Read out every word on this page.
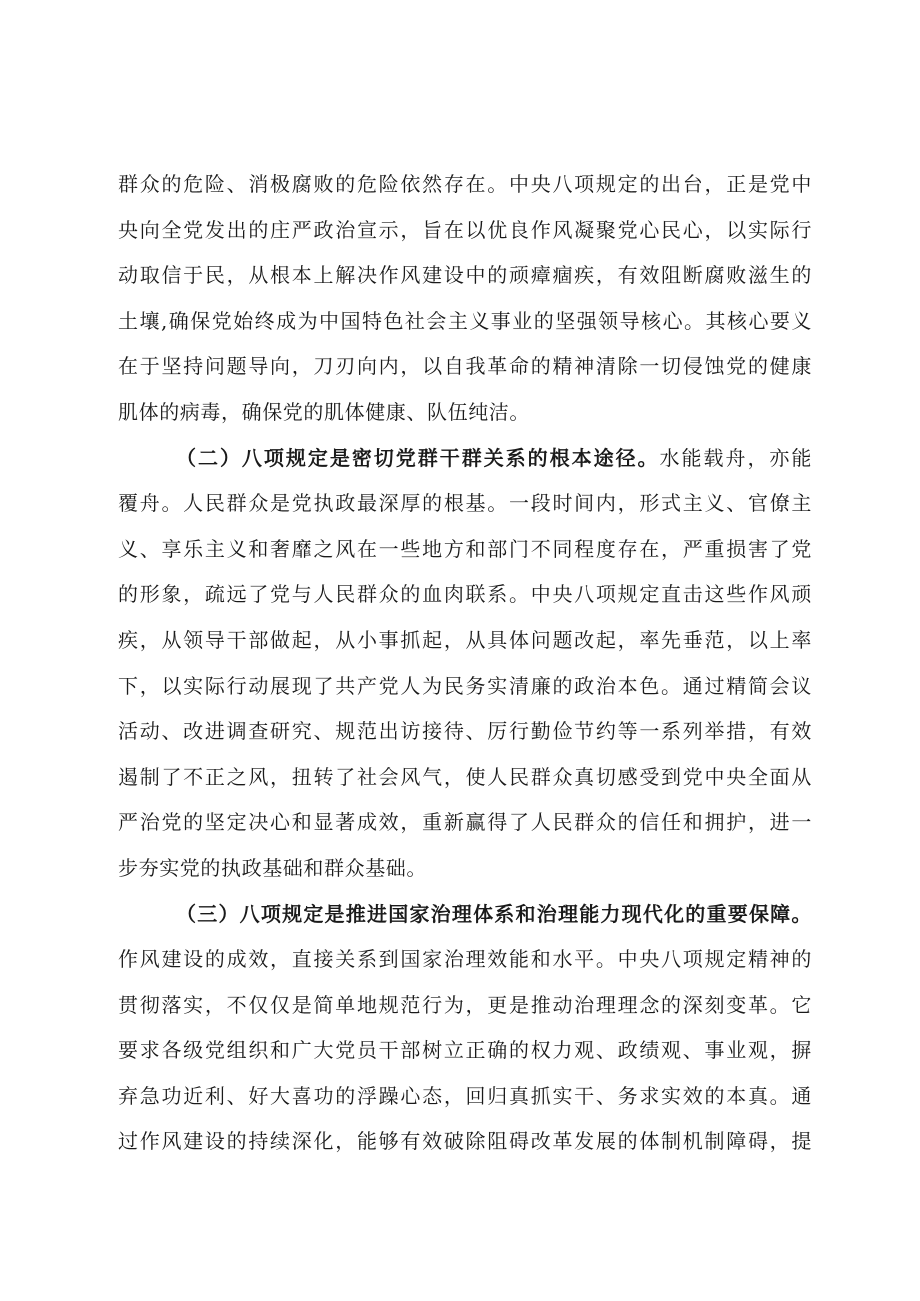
群众的危险、消极腐败的危险依然存在。中央八项规定的出台，正是党中
央向全党发出的庄严政治宣示，旨在以优良作风凝聚党心民心，以实际行
动取信于民，从根本上解决作风建设中的顽瘴痼疾，有效阻断腐败滋生的
土壤,确保党始终成为中国特色社会主义事业的坚强领导核心。其核心要义
在于坚持问题导向，刀刃向内，以自我革命的精神清除一切侵蚀党的健康
肌体的病毒，确保党的肌体健康、队伍纯洁。
（二）八项规定是密切党群干群关系的根本途径。水能载舟，亦能
覆舟。人民群众是党执政最深厚的根基。一段时间内，形式主义、官僚主
义、享乐主义和奢靡之风在一些地方和部门不同程度存在，严重损害了党
的形象，疏远了党与人民群众的血肉联系。中央八项规定直击这些作风顽
疾，从领导干部做起，从小事抓起，从具体问题改起，率先垂范，以上率
下，以实际行动展现了共产党人为民务实清廉的政治本色。通过精简会议
活动、改进调查研究、规范出访接待、厉行勤俭节约等一系列举措，有效
遏制了不正之风，扭转了社会风气，使人民群众真切感受到党中央全面从
严治党的坚定决心和显著成效，重新赢得了人民群众的信任和拥护，进一
步夯实党的执政基础和群众基础。
（三）八项规定是推进国家治理体系和治理能力现代化的重要保障。
作风建设的成效，直接关系到国家治理效能和水平。中央八项规定精神的
贯彻落实，不仅仅是简单地规范行为，更是推动治理理念的深刻变革。它
要求各级党组织和广大党员干部树立正确的权力观、政绩观、事业观，摒
弃急功近利、好大喜功的浮躁心态，回归真抓实干、务求实效的本真。通
过作风建设的持续深化，能够有效破除阻碍改革发展的体制机制障碍，提
